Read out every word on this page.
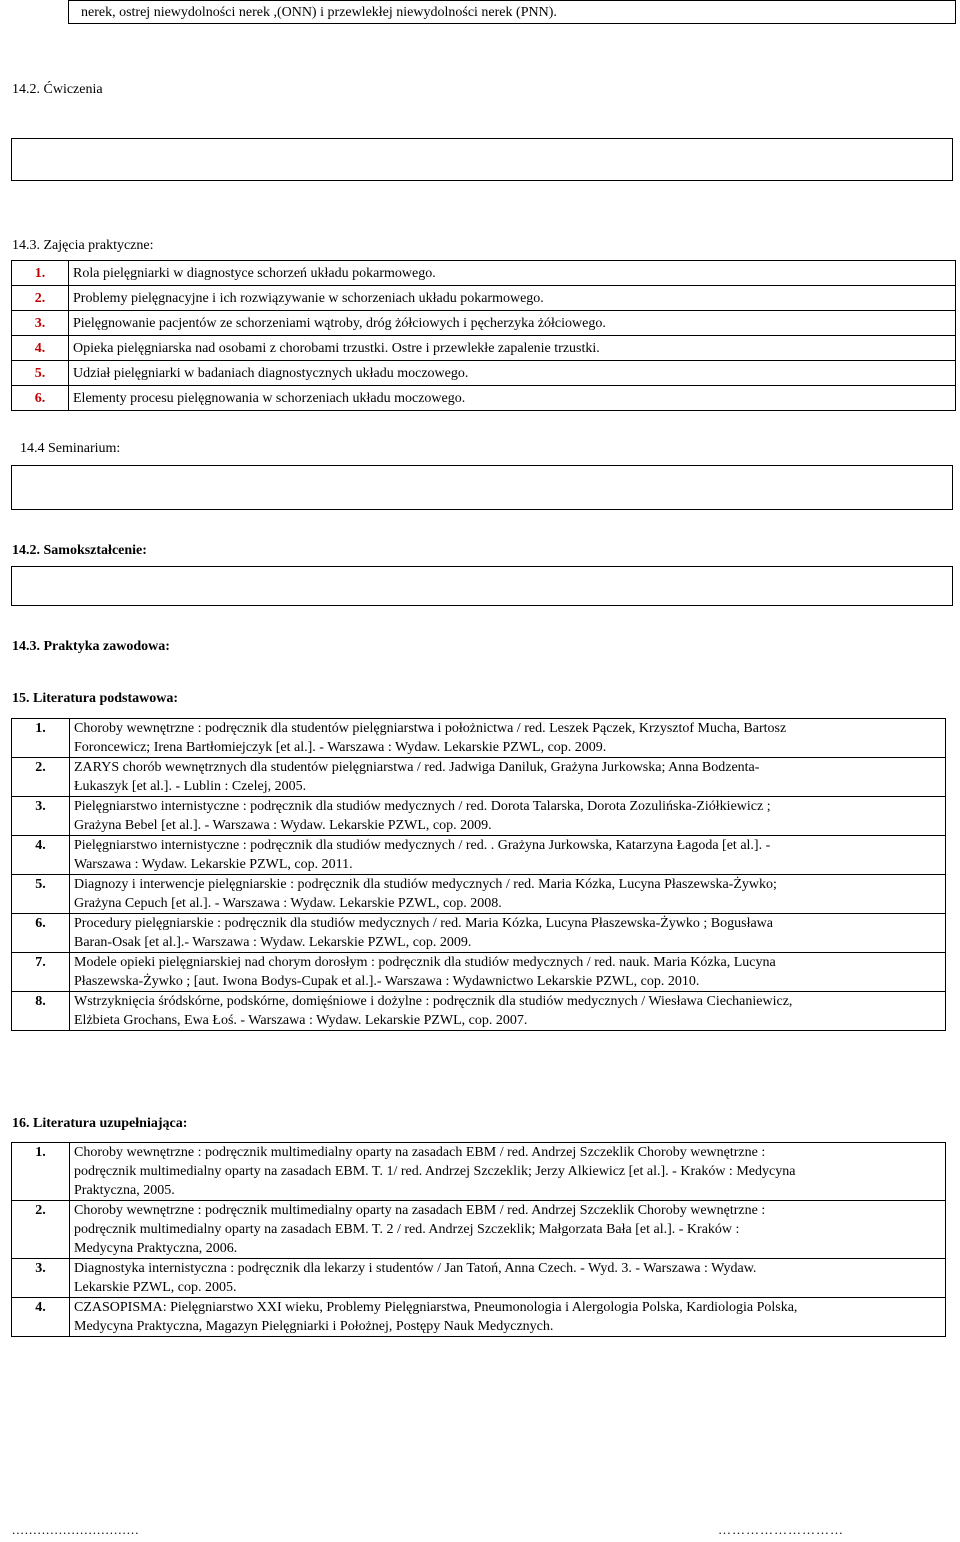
nerek, ostrej niewydolności nerek ,(ONN) i przewlekłej niewydolności nerek (PNN).
14.2. Ćwiczenia
14.3. Zajęcia praktyczne:
1.	Rola pielęgniarki w diagnostyce schorzeń układu pokarmowego.
2.	Problemy pielęgnacyjne i ich rozwiązywanie w schorzeniach układu pokarmowego.
3.	Pielęgnowanie pacjentów ze schorzeniami wątroby, dróg żółciowych i pęcherzyka żółciowego.
4.	Opieka pielęgniarska nad osobami z chorobami trzustki. Ostre i przewlekłe zapalenie trzustki.
5.	Udział pielęgniarki w badaniach diagnostycznych układu moczowego.
6.	Elementy procesu pielęgnowania w schorzeniach układu moczowego.
14.4 Seminarium:
14.2. Samokształcenie:
14.3. Praktyka zawodowa:
15. Literatura podstawowa:
1.	Choroby wewnętrzne : podręcznik dla studentów pielęgniarstwa i położnictwa / red. Leszek Pączek, Krzysztof Mucha, Bartosz
Foroncewicz; Irena Bartłomiejczyk [et al.]. - Warszawa : Wydaw. Lekarskie PZWL, cop. 2009.

2.	ZARYS chorób wewnętrznych dla studentów pielęgniarstwa / red. Jadwiga Daniluk, Grażyna Jurkowska; Anna Bodzenta-
Łukaszyk [et al.]. - Lublin : Czelej, 2005.

3.	Pielęgniarstwo internistyczne : podręcznik dla studiów medycznych / red. Dorota Talarska, Dorota Zozulińska-Ziółkiewicz ;
Grażyna Bebel [et al.]. - Warszawa : Wydaw. Lekarskie PZWL, cop. 2009.

4.	Pielęgniarstwo internistyczne : podręcznik dla studiów medycznych / red. . Grażyna Jurkowska, Katarzyna Łagoda [et al.]. -
Warszawa : Wydaw. Lekarskie PZWL, cop. 2011.

5.	Diagnozy i interwencje pielęgniarskie : podręcznik dla studiów medycznych / red. Maria Kózka, Lucyna Płaszewska-Żywko;
Grażyna Cepuch [et al.]. - Warszawa : Wydaw. Lekarskie PZWL, cop. 2008.

6.	Procedury pielęgniarskie : podręcznik dla studiów medycznych / red. Maria Kózka, Lucyna Płaszewska-Żywko ; Bogusława
Baran-Osak [et al.].- Warszawa : Wydaw. Lekarskie PZWL, cop. 2009.

7.	Modele opieki pielęgniarskiej nad chorym dorosłym : podręcznik dla studiów medycznych / red. nauk. Maria Kózka, Lucyna
Płaszewska-Żywko ; [aut. Iwona Bodys-Cupak et al.].- Warszawa : Wydawnictwo Lekarskie PZWL, cop. 2010.

8.	Wstrzyknięcia śródskórne, podskórne, domięśniowe i dożylne : podręcznik dla studiów medycznych / Wiesława Ciechaniewicz,
Elżbieta Grochans, Ewa Łoś. - Warszawa : Wydaw. Lekarskie PZWL, cop. 2007.
16. Literatura uzupełniająca:
1.	Choroby wewnętrzne : podręcznik multimedialny oparty na zasadach EBM / red. Andrzej Szczeklik Choroby wewnętrzne :
podręcznik multimedialny oparty na zasadach EBM. T. 1/ red. Andrzej Szczeklik; Jerzy Alkiewicz [et al.]. - Kraków : Medycyna
Praktyczna, 2005.

2.	Choroby wewnętrzne : podręcznik multimedialny oparty na zasadach EBM / red. Andrzej Szczeklik Choroby wewnętrzne :
podręcznik multimedialny oparty na zasadach EBM. T. 2 / red. Andrzej Szczeklik; Małgorzata Bała [et al.]. - Kraków :
Medycyna Praktyczna, 2006.

3.	Diagnostyka internistyczna : podręcznik dla lekarzy i studentów / Jan Tatoń, Anna Czech. - Wyd. 3. - Warszawa : Wydaw.
Lekarskie PZWL, cop. 2005.

4.	CZASOPISMA: Pielęgniarstwo XXI wieku, Problemy Pielęgniarstwa, Pneumonologia i Alergologia Polska, Kardiologia Polska,
Medycyna Praktyczna, Magazyn Pielęgniarki i Położnej, Postępy Nauk Medycznych.
..............................	………………………
